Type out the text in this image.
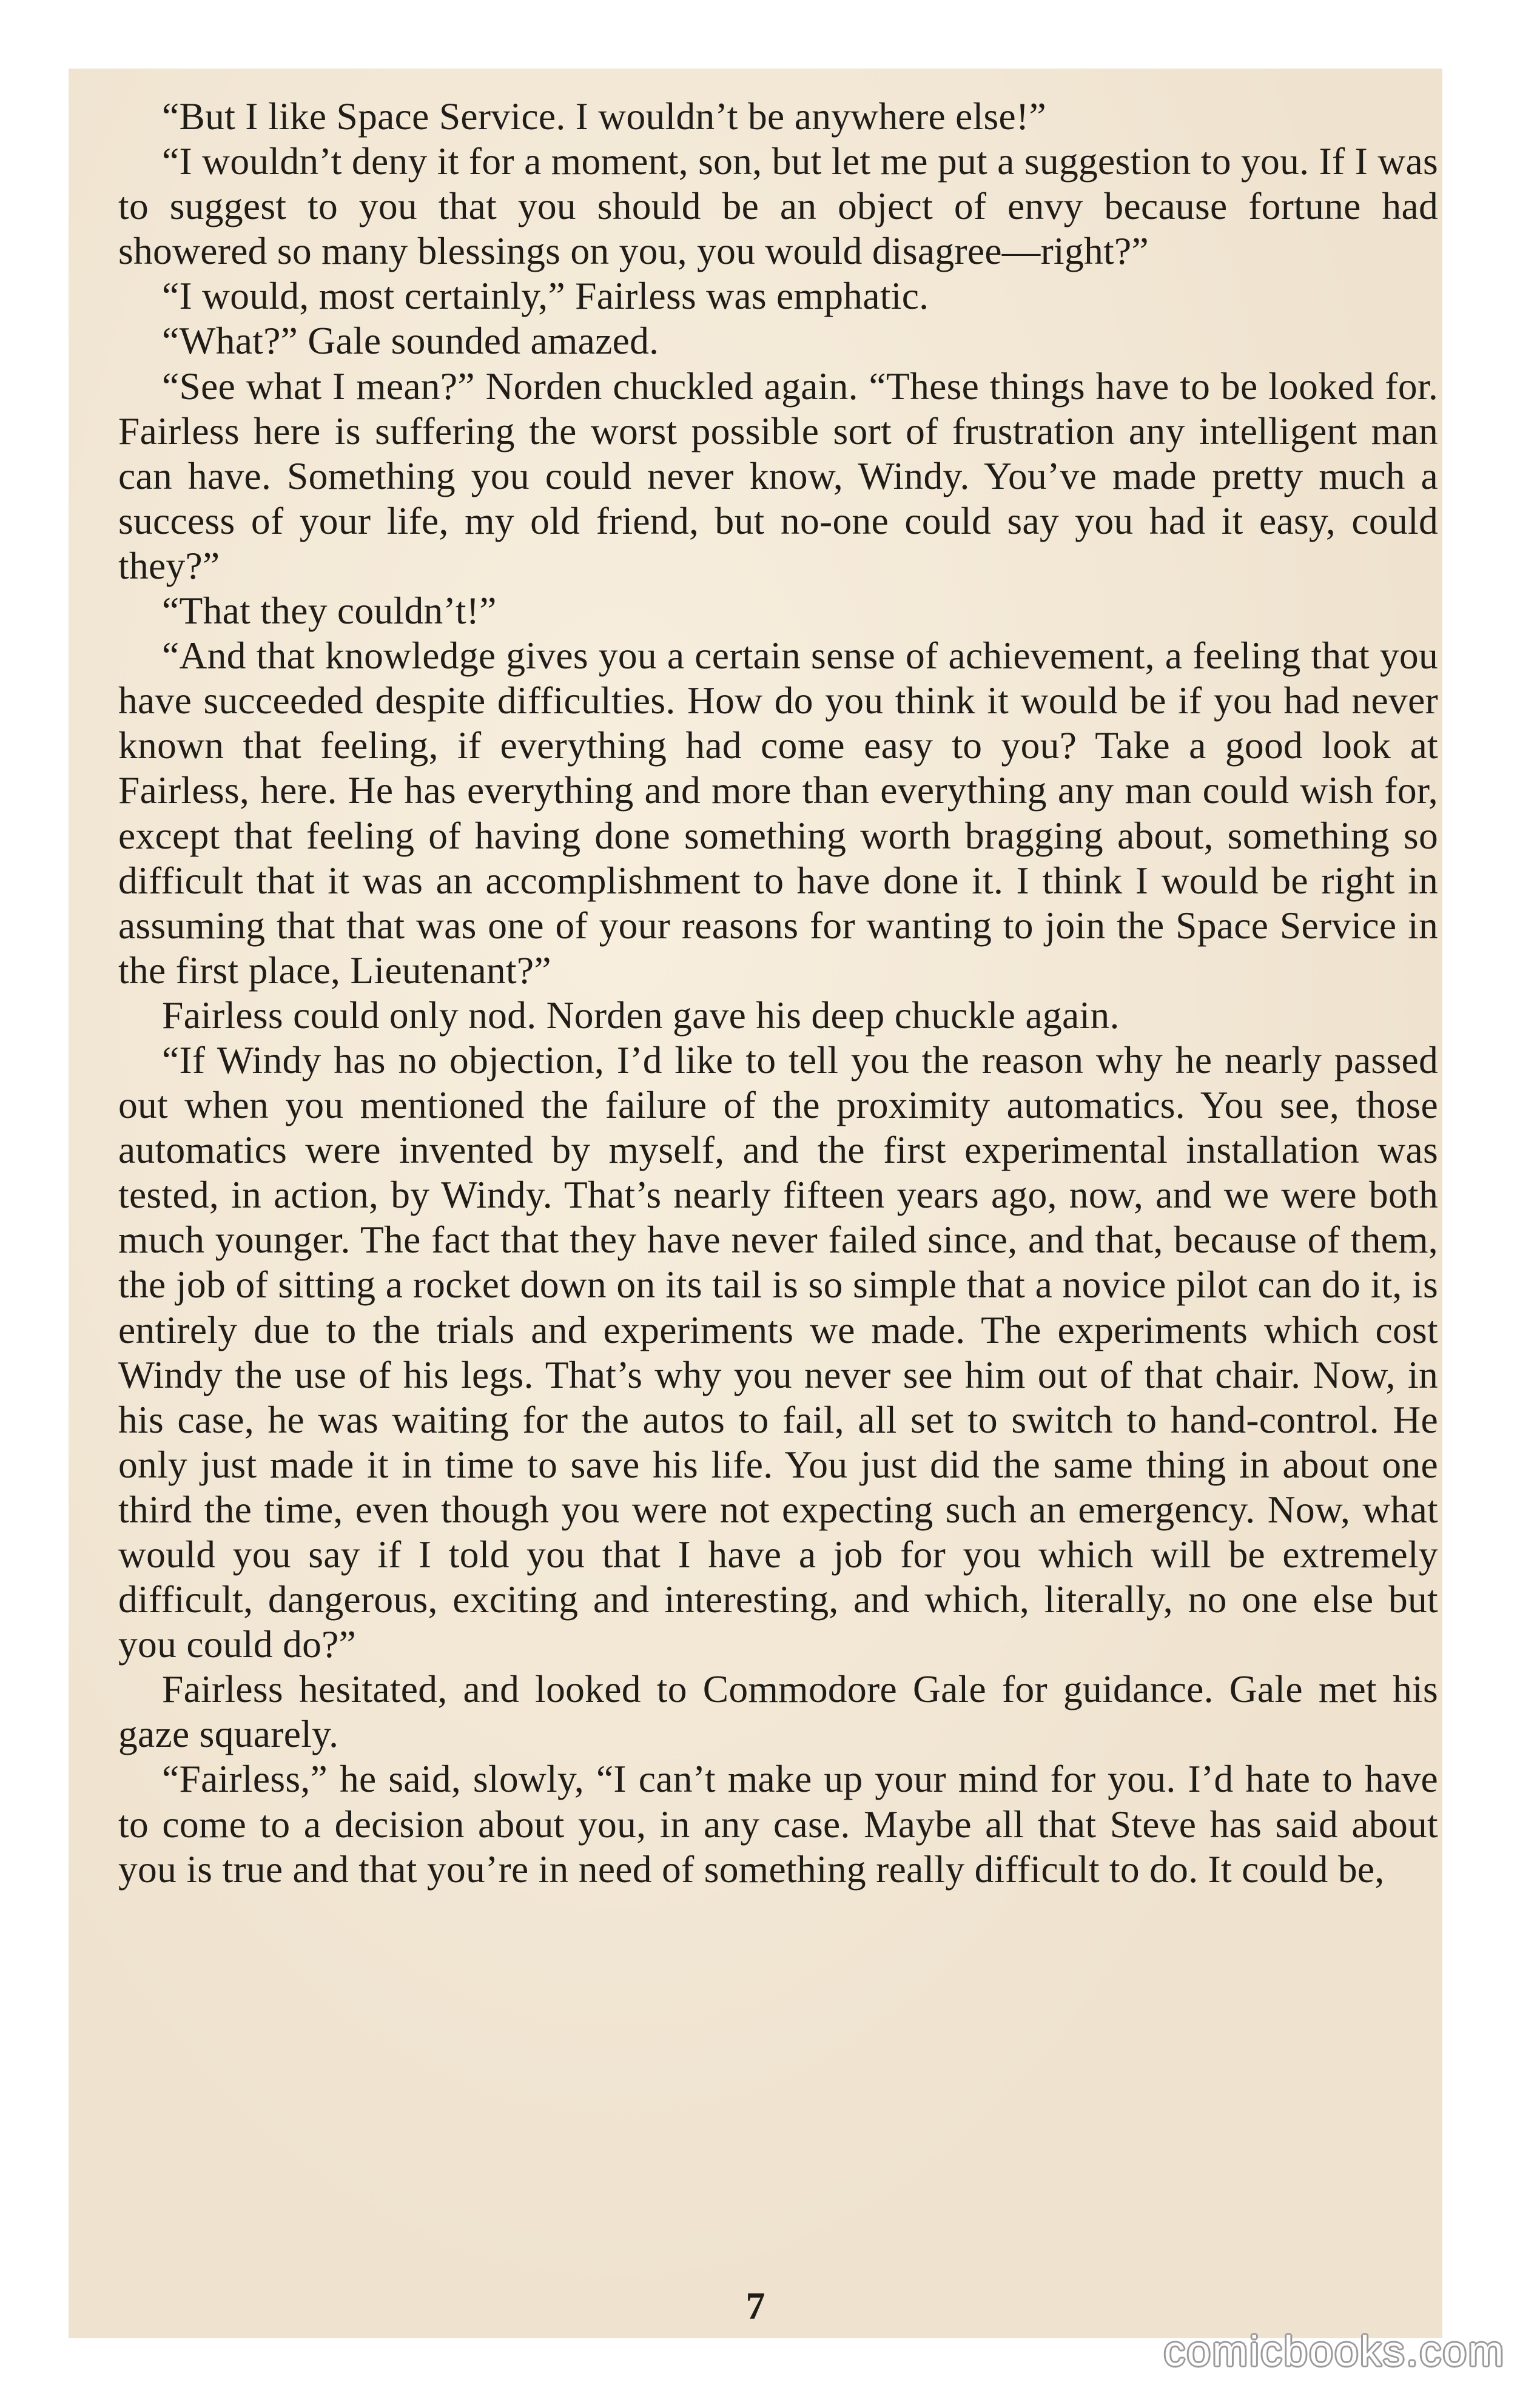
“But I like Space Service. I wouldn’t be anywhere else!”

“I wouldn’t deny it for a moment, son, but let me put a suggestion to you. If I was to suggest to you that you should be an object of envy because fortune had showered so many blessings on you, you would disagree—right?”

“I would, most certainly,” Fairless was emphatic.

“What?” Gale sounded amazed.

“See what I mean?” Norden chuckled again. “These things have to be looked for. Fairless here is suffering the worst possible sort of frustration any intelligent man can have. Something you could never know, Windy. You’ve made pretty much a success of your life, my old friend, but no-one could say you had it easy, could they?”

“That they couldn’t!”

“And that knowledge gives you a certain sense of achievement, a feeling that you have succeeded despite difficulties. How do you think it would be if you had never known that feeling, if everything had come easy to you? Take a good look at Fairless, here. He has everything and more than everything any man could wish for, except that feeling of having done something worth bragging about, something so difficult that it was an accomplishment to have done it. I think I would be right in assuming that that was one of your reasons for wanting to join the Space Service in the first place, Lieutenant?”

Fairless could only nod. Norden gave his deep chuckle again.

“If Windy has no objection, I’d like to tell you the reason why he nearly passed out when you mentioned the failure of the proximity automatics. You see, those automatics were invented by myself, and the first experimental installation was tested, in action, by Windy. That’s nearly fifteen years ago, now, and we were both much younger. The fact that they have never failed since, and that, because of them, the job of sitting a rocket down on its tail is so simple that a novice pilot can do it, is entirely due to the trials and experiments we made. The experiments which cost Windy the use of his legs. That’s why you never see him out of that chair. Now, in his case, he was waiting for the autos to fail, all set to switch to hand-control. He only just made it in time to save his life. You just did the same thing in about one third the time, even though you were not expecting such an emergency. Now, what would you say if I told you that I have a job for you which will be extremely difficult, dangerous, exciting and interesting, and which, literally, no one else but you could do?”

Fairless hesitated, and looked to Commodore Gale for guidance. Gale met his gaze squarely.

“Fairless,” he said, slowly, “I can’t make up your mind for you. I’d hate to have to come to a decision about you, in any case. Maybe all that Steve has said about you is true and that you’re in need of something really difficult to do. It could be,

7
comicbooks.com
